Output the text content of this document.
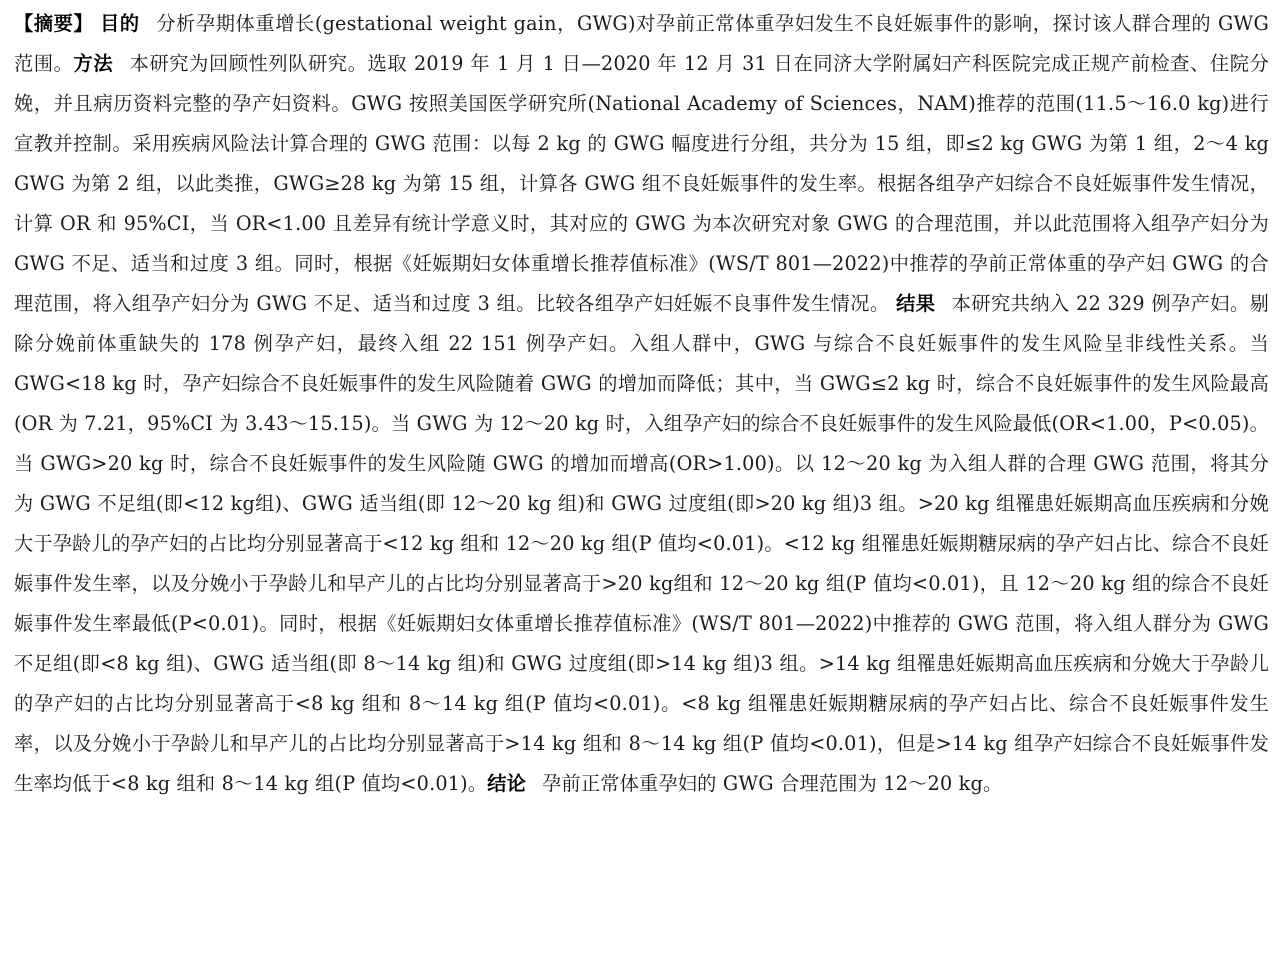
【摘要】 目的 分析孕期体重增长(gestational weight gain，GWG)对孕前正常体重孕妇发生不良妊娠事件的影响，探讨该人群合理的 GWG 范围。方法 本研究为回顾性列队研究。选取 2019 年 1 月 1 日—2020 年 12 月 31 日在同济大学附属妇产科医院完成正规产前检查、住院分娩，并且病历资料完整的孕产妇资料。GWG 按照美国医学研究所(National Academy of Sciences，NAM)推荐的范围(11.5～16.0 kg)进行宣教并控制。采用疾病风险法计算合理的 GWG 范围：以每 2 kg 的 GWG 幅度进行分组，共分为 15 组，即≤2 kg GWG 为第 1 组，2～4 kg GWG 为第 2 组，以此类推，GWG≥28 kg 为第 15 组，计算各 GWG 组不良妊娠事件的发生率。根据各组孕产妇综合不良妊娠事件发生情况，计算 OR 和 95%CI，当 OR<1.00 且差异有统计学意义时，其对应的 GWG 为本次研究对象 GWG 的合理范围，并以此范围将入组孕产妇分为 GWG 不足、适当和过度 3 组。同时，根据《妊娠期妇女体重增长推荐值标准》(WS/T 801—2022)中推荐的孕前正常体重的孕产妇 GWG 的合理范围，将入组孕产妇分为 GWG 不足、适当和过度 3 组。比较各组孕产妇妊娠不良事件发生情况。 结果 本研究共纳入 22 329 例孕产妇。剔除分娩前体重缺失的 178 例孕产妇，最终入组 22 151 例孕产妇。入组人群中，GWG 与综合不良妊娠事件的发生风险呈非线性关系。当 GWG<18 kg 时，孕产妇综合不良妊娠事件的发生风险随着 GWG 的增加而降低；其中，当 GWG≤2 kg 时，综合不良妊娠事件的发生风险最高(OR 为 7.21，95%CI 为 3.43～15.15)。当 GWG 为 12～20 kg 时，入组孕产妇的综合不良妊娠事件的发生风险最低(OR<1.00，P<0.05)。当 GWG>20 kg 时，综合不良妊娠事件的发生风险随 GWG 的增加而增高(OR>1.00)。以 12～20 kg 为入组人群的合理 GWG 范围，将其分为 GWG 不足组(即<12 kg组)、GWG 适当组(即 12～20 kg 组)和 GWG 过度组(即>20 kg 组)3 组。>20 kg 组罹患妊娠期高血压疾病和分娩大于孕龄儿的孕产妇的占比均分别显著高于<12 kg 组和 12～20 kg 组(P 值均<0.01)。<12 kg 组罹患妊娠期糖尿病的孕产妇占比、综合不良妊娠事件发生率，以及分娩小于孕龄儿和早产儿的占比均分别显著高于>20 kg组和 12～20 kg 组(P 值均<0.01)，且 12～20 kg 组的综合不良妊娠事件发生率最低(P<0.01)。同时，根据《妊娠期妇女体重增长推荐值标准》(WS/T 801—2022)中推荐的 GWG 范围，将入组人群分为 GWG 不足组(即<8 kg 组)、GWG 适当组(即 8～14 kg 组)和 GWG 过度组(即>14 kg 组)3 组。>14 kg 组罹患妊娠期高血压疾病和分娩大于孕龄儿的孕产妇的占比均分别显著高于<8 kg 组和 8～14 kg 组(P 值均<0.01)。<8 kg 组罹患妊娠期糖尿病的孕产妇占比、综合不良妊娠事件发生率，以及分娩小于孕龄儿和早产儿的占比均分别显著高于>14 kg 组和 8～14 kg 组(P 值均<0.01)，但是>14 kg 组孕产妇综合不良妊娠事件发生率均低于<8 kg 组和 8～14 kg 组(P 值均<0.01)。结论 孕前正常体重孕妇的 GWG 合理范围为 12～20 kg。
